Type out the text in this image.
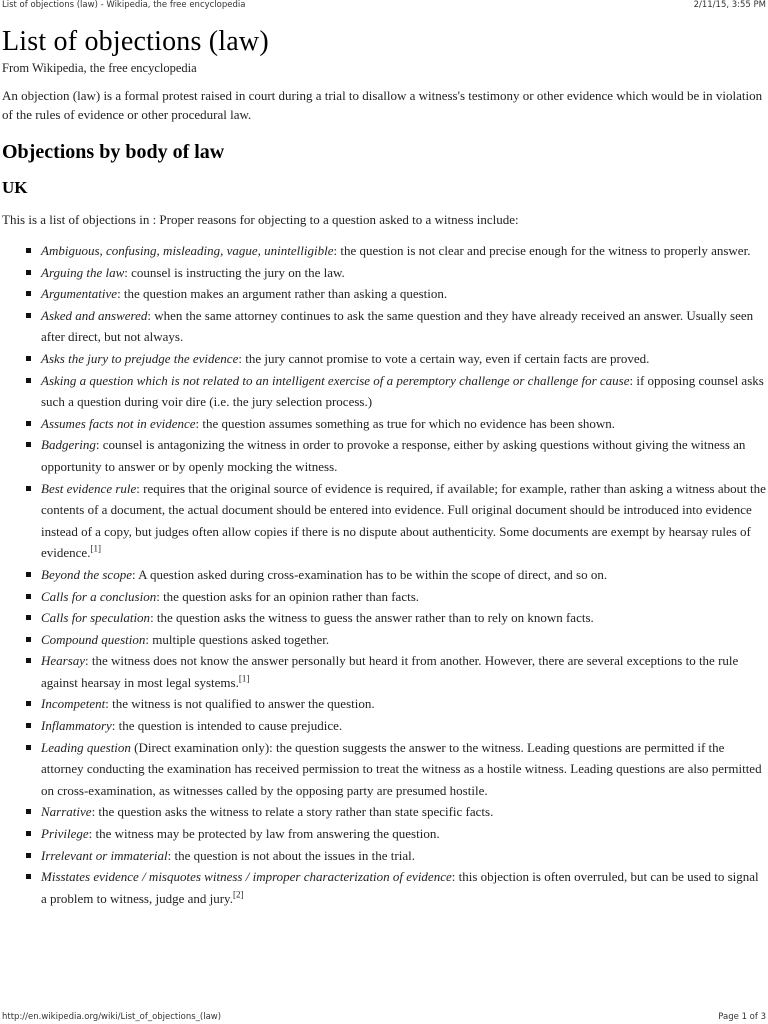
List of objections (law) - Wikipedia, the free encyclopedia	2/11/15, 3:55 PM
List of objections (law)
From Wikipedia, the free encyclopedia

An objection (law) is a formal protest raised in court during a trial to disallow a witness's testimony or other evidence which would be in violation of the rules of evidence or other procedural law.

Objections by body of law
UK

This is a list of objections in : Proper reasons for objecting to a question asked to a witness include:

Ambiguous, confusing, misleading, vague, unintelligible: the question is not clear and precise enough for the witness to properly answer.
Arguing the law: counsel is instructing the jury on the law.
Argumentative: the question makes an argument rather than asking a question.
Asked and answered: when the same attorney continues to ask the same question and they have already received an answer. Usually seen after direct, but not always.
Asks the jury to prejudge the evidence: the jury cannot promise to vote a certain way, even if certain facts are proved.
Asking a question which is not related to an intelligent exercise of a peremptory challenge or challenge for cause: if opposing counsel asks such a question during voir dire (i.e. the jury selection process.)
Assumes facts not in evidence: the question assumes something as true for which no evidence has been shown.
Badgering: counsel is antagonizing the witness in order to provoke a response, either by asking questions without giving the witness an opportunity to answer or by openly mocking the witness.
Best evidence rule: requires that the original source of evidence is required, if available; for example, rather than asking a witness about the contents of a document, the actual document should be entered into evidence. Full original document should be introduced into evidence instead of a copy, but judges often allow copies if there is no dispute about authenticity. Some documents are exempt by hearsay rules of evidence.[1]
Beyond the scope: A question asked during cross-examination has to be within the scope of direct, and so on.
Calls for a conclusion: the question asks for an opinion rather than facts.
Calls for speculation: the question asks the witness to guess the answer rather than to rely on known facts.
Compound question: multiple questions asked together.
Hearsay: the witness does not know the answer personally but heard it from another. However, there are several exceptions to the rule against hearsay in most legal systems.[1]
Incompetent: the witness is not qualified to answer the question.
Inflammatory: the question is intended to cause prejudice.
Leading question (Direct examination only): the question suggests the answer to the witness. Leading questions are permitted if the attorney conducting the examination has received permission to treat the witness as a hostile witness. Leading questions are also permitted on cross-examination, as witnesses called by the opposing party are presumed hostile.
Narrative: the question asks the witness to relate a story rather than state specific facts.
Privilege: the witness may be protected by law from answering the question.
Irrelevant or immaterial: the question is not about the issues in the trial.
Misstates evidence / misquotes witness / improper characterization of evidence: this objection is often overruled, but can be used to signal a problem to witness, judge and jury.[2]
http://en.wikipedia.org/wiki/List_of_objections_(law)	Page 1 of 3
